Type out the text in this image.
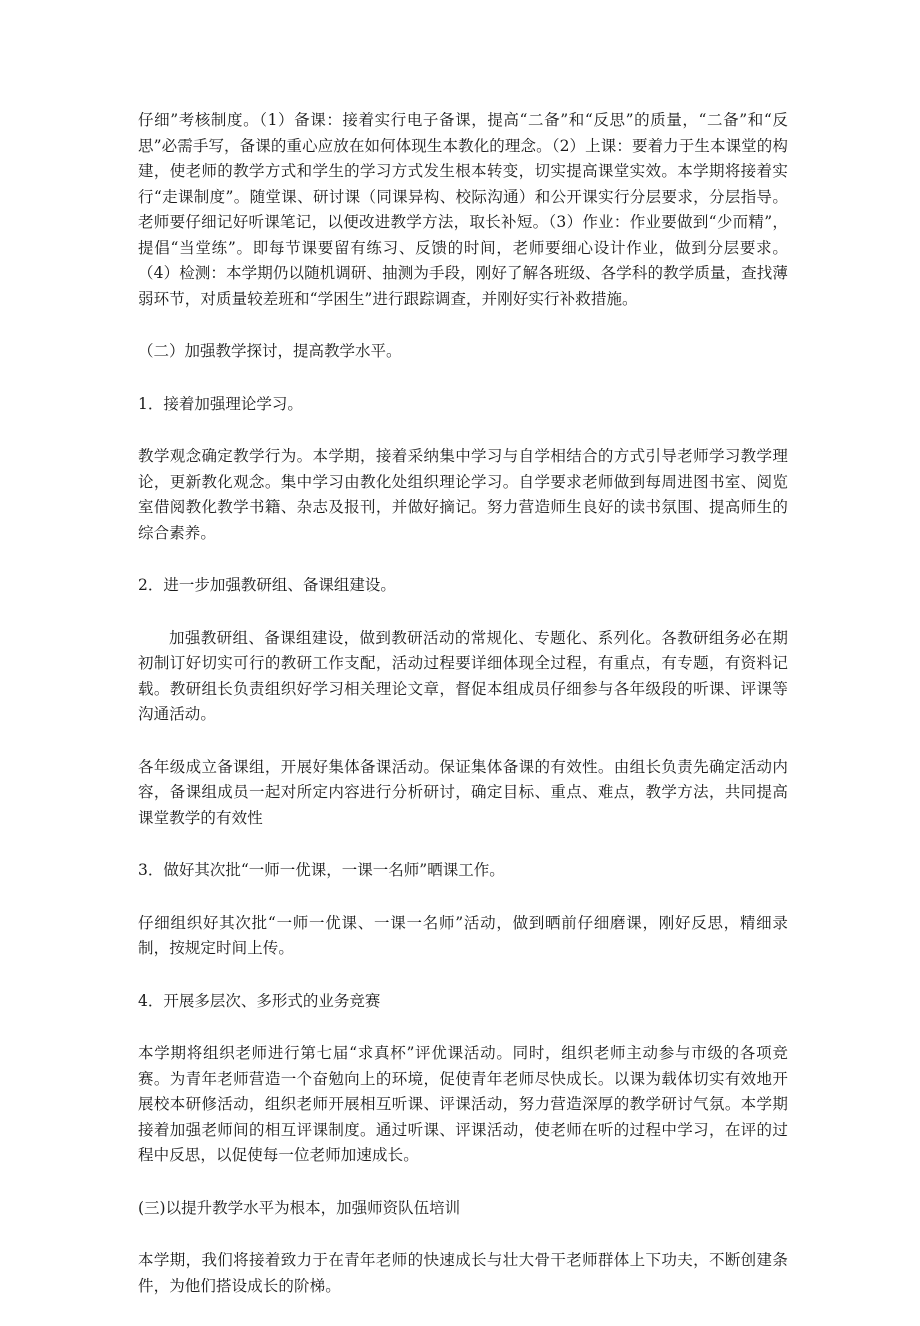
仔细”考核制度。（1）备课：接着实行电子备课，提高“二备”和“反思”的质量，“二备”和“反思”必需手写，备课的重心应放在如何体现生本教化的理念。（2）上课：要着力于生本课堂的构建，使老师的教学方式和学生的学习方式发生根本转变，切实提高课堂实效。本学期将接着实行“走课制度”。随堂课、研讨课（同课异构、校际沟通）和公开课实行分层要求，分层指导。老师要仔细记好听课笔记，以便改进教学方法，取长补短。（3）作业：作业要做到“少而精”，提倡“当堂练”。即每节课要留有练习、反馈的时间，老师要细心设计作业，做到分层要求。（4）检测：本学期仍以随机调研、抽测为手段，刚好了解各班级、各学科的教学质量，查找薄弱环节，对质量较差班和“学困生”进行跟踪调查，并刚好实行补救措施。

（二）加强教学探讨，提高教学水平。

1．接着加强理论学习。

教学观念确定教学行为。本学期，接着采纳集中学习与自学相结合的方式引导老师学习教学理论，更新教化观念。集中学习由教化处组织理论学习。自学要求老师做到每周进图书室、阅览室借阅教化教学书籍、杂志及报刊，并做好摘记。努力营造师生良好的读书氛围、提高师生的综合素养。

2．进一步加强教研组、备课组建设。

加强教研组、备课组建设，做到教研活动的常规化、专题化、系列化。各教研组务必在期初制订好切实可行的教研工作支配，活动过程要详细体现全过程，有重点，有专题，有资料记载。教研组长负责组织好学习相关理论文章，督促本组成员仔细参与各年级段的听课、评课等沟通活动。

各年级成立备课组，开展好集体备课活动。保证集体备课的有效性。由组长负责先确定活动内容，备课组成员一起对所定内容进行分析研讨，确定目标、重点、难点，教学方法，共同提高课堂教学的有效性

3．做好其次批“一师一优课，一课一名师”晒课工作。

仔细组织好其次批“一师一优课、一课一名师”活动，做到晒前仔细磨课，刚好反思，精细录制，按规定时间上传。

4．开展多层次、多形式的业务竞赛

本学期将组织老师进行第七届“求真杯”评优课活动。同时，组织老师主动参与市级的各项竞赛。为青年老师营造一个奋勉向上的环境，促使青年老师尽快成长。以课为载体切实有效地开展校本研修活动，组织老师开展相互听课、评课活动，努力营造深厚的教学研讨气氛。本学期接着加强老师间的相互评课制度。通过听课、评课活动，使老师在听的过程中学习，在评的过程中反思，以促使每一位老师加速成长。

(三)以提升教学水平为根本，加强师资队伍培训

本学期，我们将接着致力于在青年老师的快速成长与壮大骨干老师群体上下功夫，不断创建条件，为他们搭设成长的阶梯。
